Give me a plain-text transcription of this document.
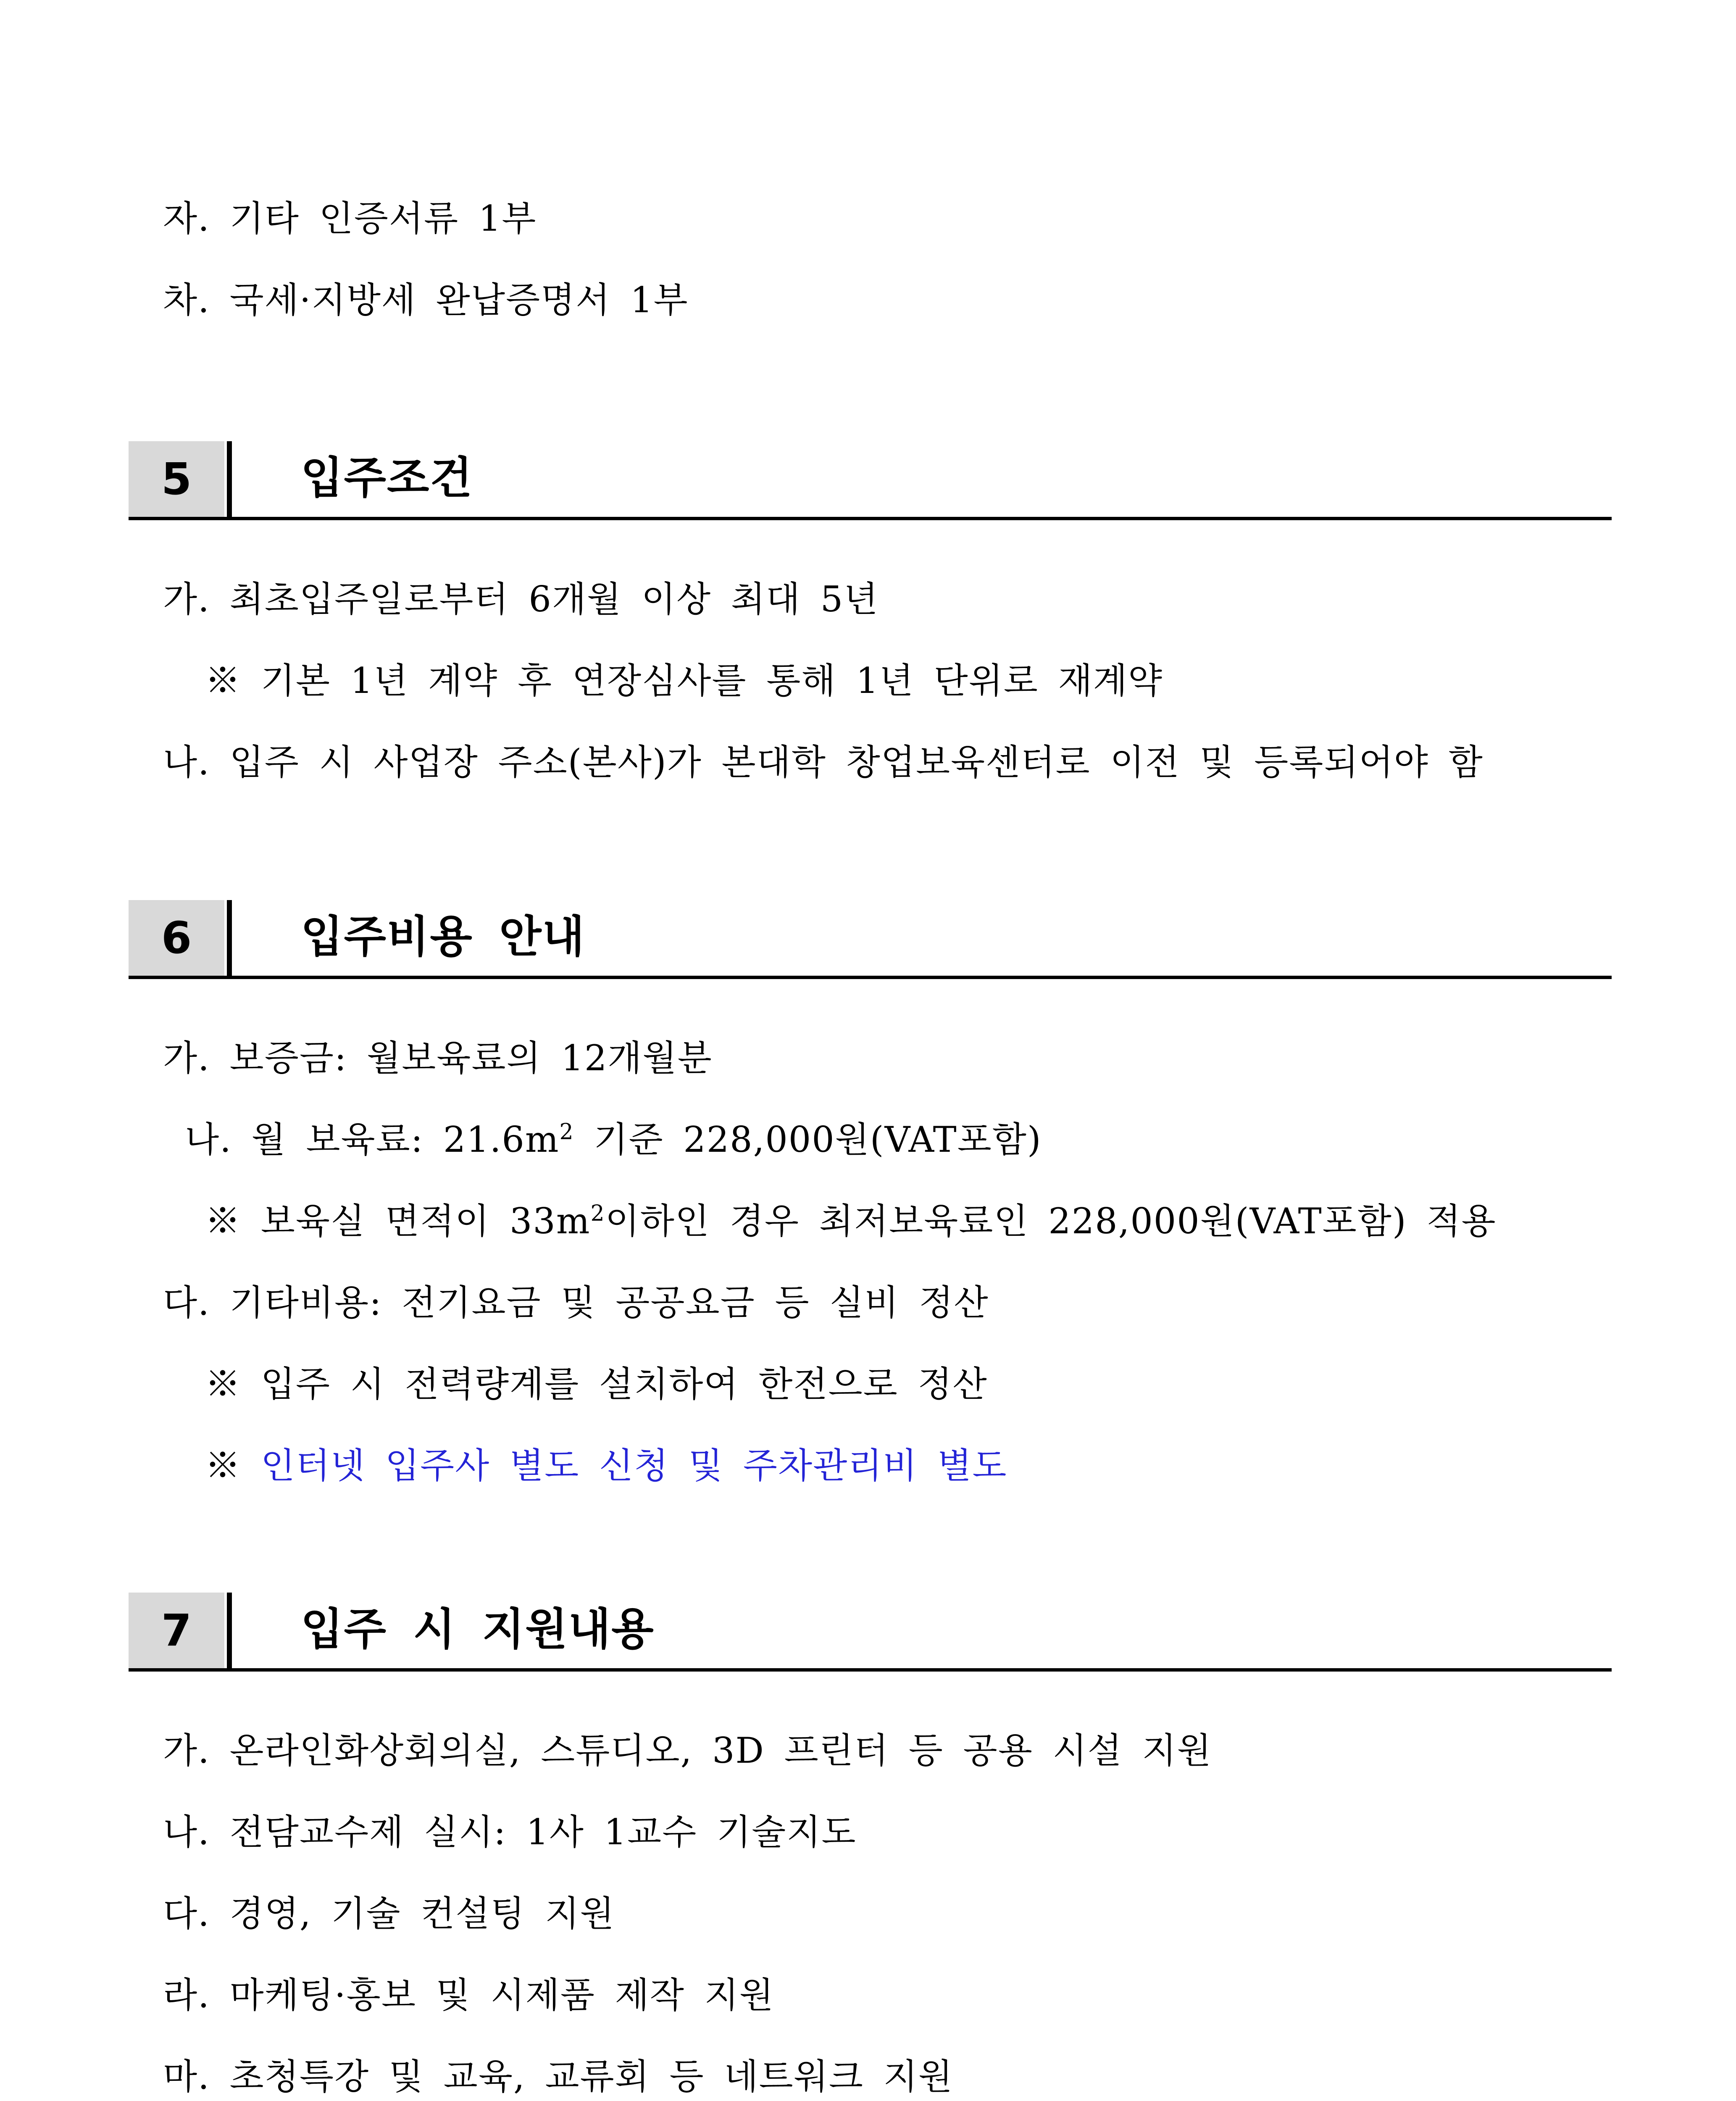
자. 기타 인증서류 1부
차. 국세·지방세 완납증명서 1부
5	입주조건
가. 최초입주일로부터 6개월 이상 최대 5년
※ 기본 1년 계약 후 연장심사를 통해 1년 단위로 재계약
나. 입주 시 사업장 주소(본사)가 본대학 창업보육센터로 이전 및 등록되어야 함
6	입주비용 안내
가. 보증금: 월보육료의 12개월분
나. 월 보육료: $21.6m^2$ 기준 228,000원(VAT포함)
※ 보육실 면적이 $33m^2$이하인 경우 최저보육료인 228,000원(VAT포함) 적용
다. 기타비용: 전기요금 및 공공요금 등 실비 정산
※ 입주 시 전력량계를 설치하여 한전으로 정산
※ 인터넷 입주사 별도 신청 및 주차관리비 별도
7	입주 시 지원내용
가. 온라인화상회의실, 스튜디오, 3D 프린터 등 공용 시설 지원
나. 전담교수제 실시: 1사 1교수 기술지도
다. 경영, 기술 컨설팅 지원
라. 마케팅·홍보 및 시제품 제작 지원
마. 초청특강 및 교육, 교류회 등 네트워크 지원
